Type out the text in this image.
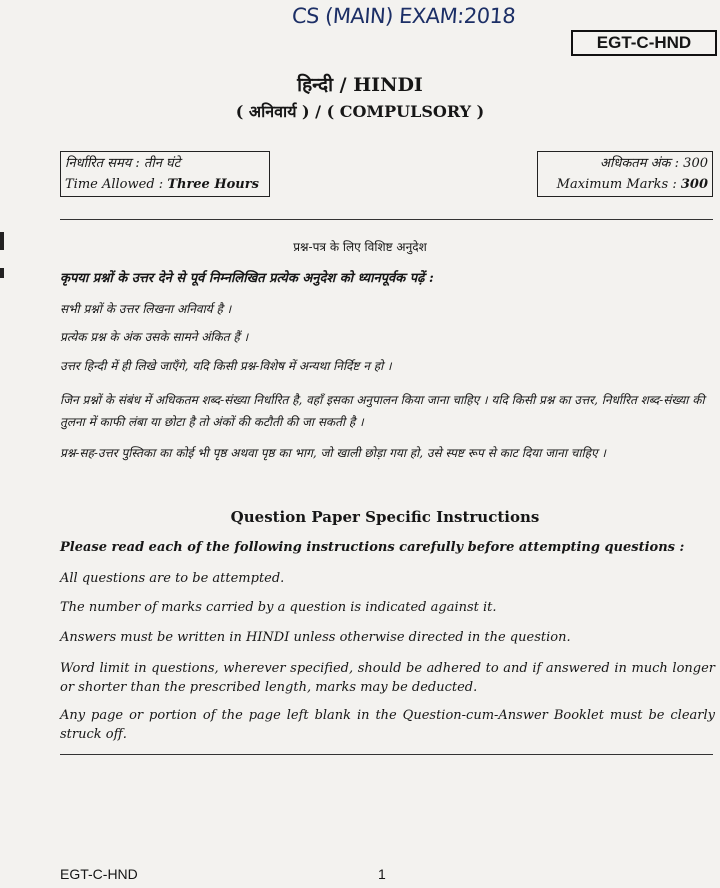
CS (MAIN) EXAM:2018
EGT-C-HND
हिन्दी / HINDI
( अनिवार्य ) / ( COMPULSORY )
निर्धारित समय : तीन घंटे
Time Allowed : Three Hours
अधिकतम अंक : 300
Maximum Marks : 300
प्रश्न-पत्र के लिए विशिष्ट अनुदेश
कृपया प्रश्नों के उत्तर देने से पूर्व निम्नलिखित प्रत्येक अनुदेश को ध्यानपूर्वक पढ़ें :
सभी प्रश्नों के उत्तर लिखना अनिवार्य है ।
प्रत्येक प्रश्न के अंक उसके सामने अंकित हैं ।
उत्तर हिन्दी में ही लिखे जाएँगे, यदि किसी प्रश्न-विशेष में अन्यथा निर्दिष्ट न हो ।
जिन प्रश्नों के संबंध में अधिकतम शब्द-संख्या निर्धारित है, वहाँ इसका अनुपालन किया जाना चाहिए । यदि किसी प्रश्न का उत्तर, निर्धारित शब्द-संख्या की तुलना में काफी लंबा या छोटा है तो अंकों की कटौती की जा सकती है ।
प्रश्न-सह-उत्तर पुस्तिका का कोई भी पृष्ठ अथवा पृष्ठ का भाग, जो खाली छोड़ा गया हो, उसे स्पष्ट रूप से काट दिया जाना चाहिए ।
Question Paper Specific Instructions
Please read each of the following instructions carefully before attempting questions :
All questions are to be attempted.
The number of marks carried by a question is indicated against it.
Answers must be written in HINDI unless otherwise directed in the question.
Word limit in questions, wherever specified, should be adhered to and if answered in much longer or shorter than the prescribed length, marks may be deducted.
Any page or portion of the page left blank in the Question-cum-Answer Booklet must be clearly struck off.
EGT-C-HND	1
